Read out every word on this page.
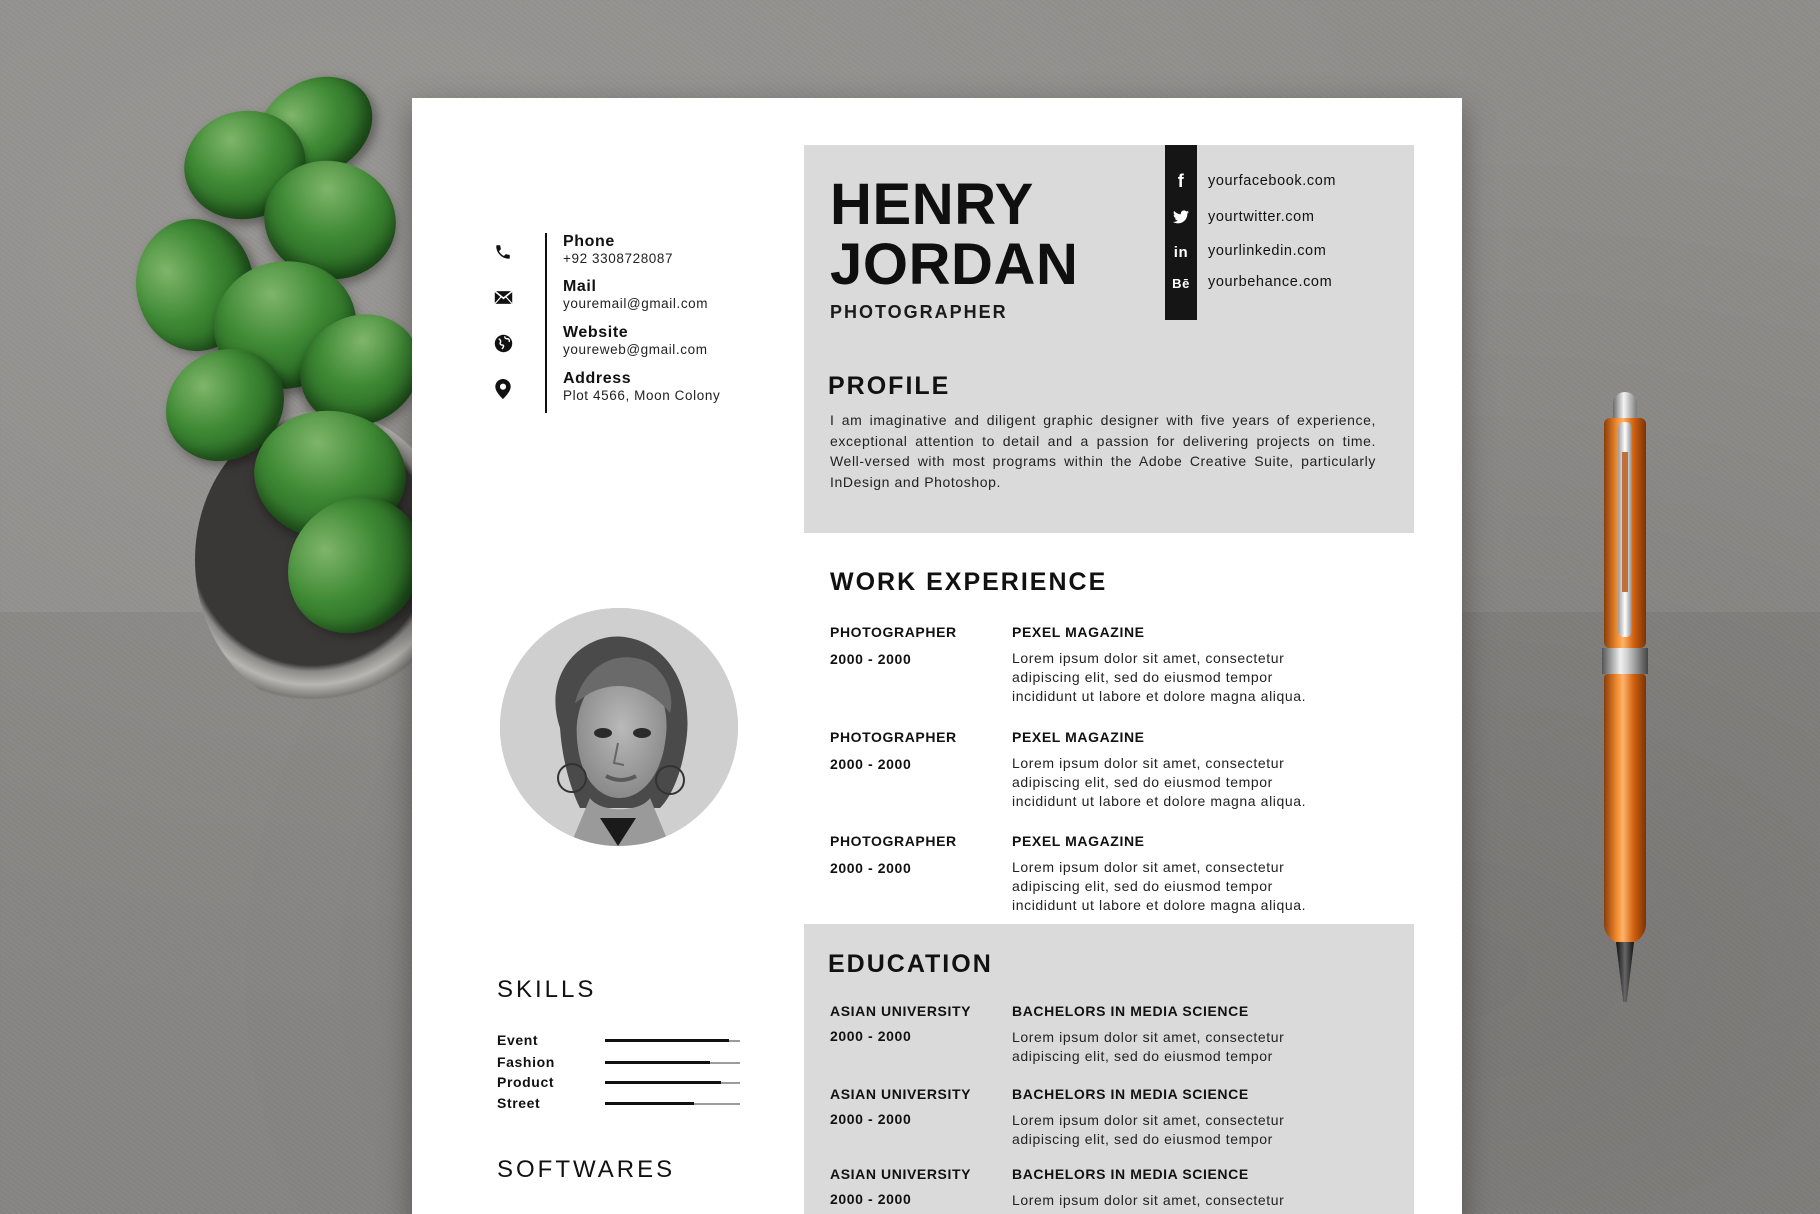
Phone
+92 3308728087
Mail
youremail@gmail.com
Website
youreweb@gmail.com
Address
Plot 4566, Moon Colony
HENRY
JORDAN
PHOTOGRAPHER
f
in
Bē
yourfacebook.com
yourtwitter.com
yourlinkedin.com
yourbehance.com
PROFILE

I am imaginative and diligent graphic designer with five years of experience, exceptional attention to detail and a passion for delivering projects on time. Well-versed with most programs within the Adobe Creative Suite, particularly InDesign and Photoshop.

WORK EXPERIENCE
PHOTOGRAPHER
2000 - 2000
PEXEL MAGAZINE

Lorem ipsum dolor sit amet, consectetur adipiscing elit, sed do eiusmod tempor incididunt ut labore et dolore magna aliqua.

PHOTOGRAPHER
2000 - 2000
PEXEL MAGAZINE

Lorem ipsum dolor sit amet, consectetur adipiscing elit, sed do eiusmod tempor incididunt ut labore et dolore magna aliqua.

PHOTOGRAPHER
2000 - 2000
PEXEL MAGAZINE

Lorem ipsum dolor sit amet, consectetur adipiscing elit, sed do eiusmod tempor incididunt ut labore et dolore magna aliqua.

EDUCATION
ASIAN UNIVERSITY
2000 - 2000
BACHELORS IN MEDIA SCIENCE

Lorem ipsum dolor sit amet, consectetur adipiscing elit, sed do eiusmod tempor

ASIAN UNIVERSITY
2000 - 2000
BACHELORS IN MEDIA SCIENCE

Lorem ipsum dolor sit amet, consectetur adipiscing elit, sed do eiusmod tempor

ASIAN UNIVERSITY
2000 - 2000
BACHELORS IN MEDIA SCIENCE

Lorem ipsum dolor sit amet, consectetur

SKILLS
Event
Fashion
Product
Street
SOFTWARES
